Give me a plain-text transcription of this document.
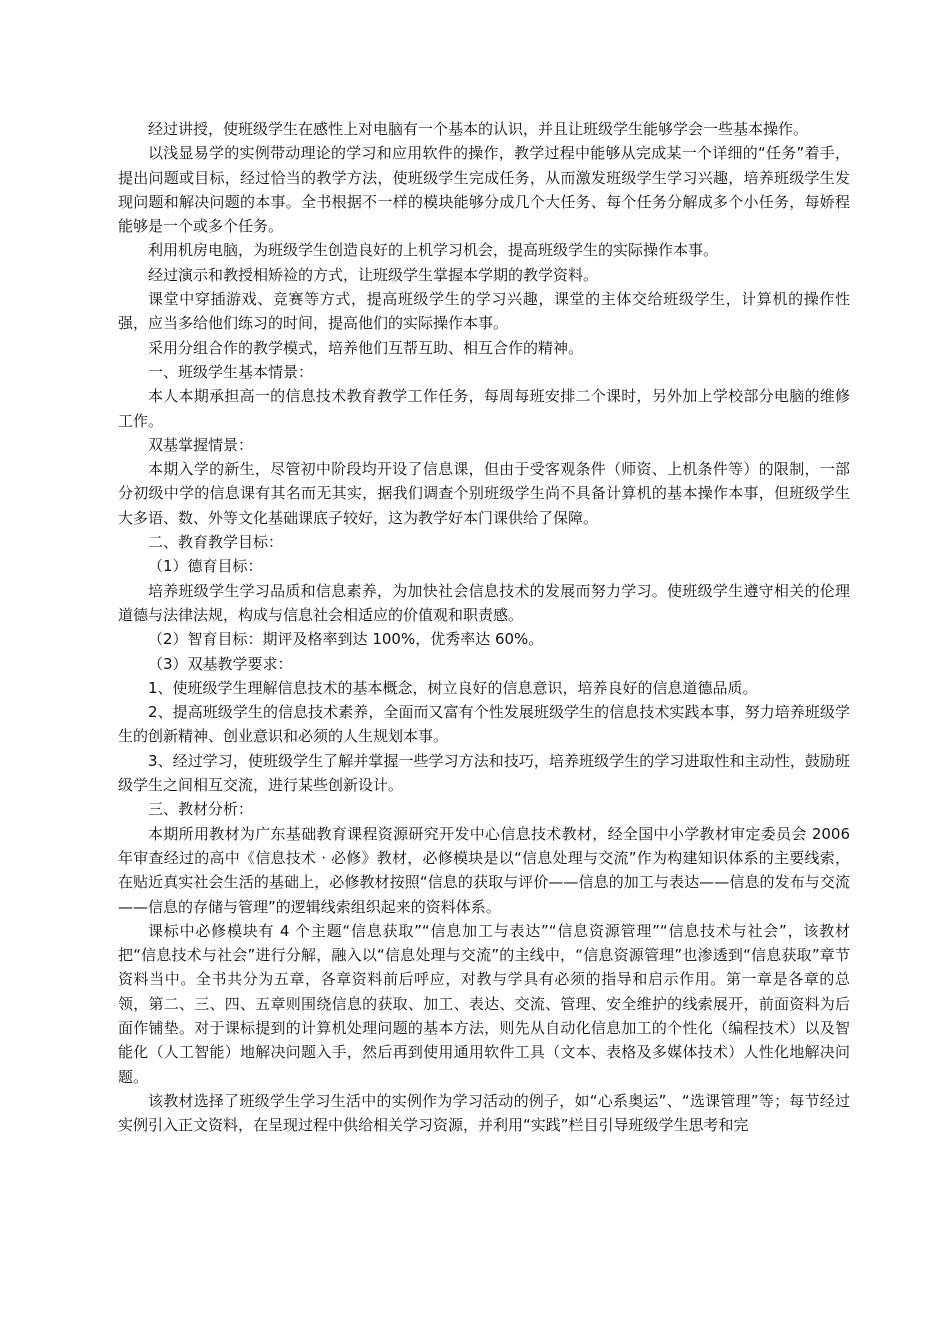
经过讲授，使班级学生在感性上对电脑有一个基本的认识，并且让班级学生能够学会一些基本操作。

以浅显易学的实例带动理论的学习和应用软件的操作，教学过程中能够从完成某一个详细的“任务”着手，提出问题或目标，经过恰当的教学方法，使班级学生完成任务，从而激发班级学生学习兴趣，培养班级学生发现问题和解决问题的本事。全书根据不一样的模块能够分成几个大任务、每个任务分解成多个小任务，每娇程能够是一个或多个任务。

利用机房电脑，为班级学生创造良好的上机学习机会，提高班级学生的实际操作本事。

经过演示和教授相矫裣的方式，让班级学生掌握本学期的教学资料。

课堂中穿插游戏、竞赛等方式，提高班级学生的学习兴趣，课堂的主体交给班级学生，计算机的操作性强，应当多给他们练习的时间，提高他们的实际操作本事。

采用分组合作的教学模式，培养他们互帮互助、相互合作的精神。

一、班级学生基本情景：

本人本期承担高一的信息技术教育教学工作任务，每周每班安排二个课时，另外加上学校部分电脑的维修工作。

双基掌握情景：

本期入学的新生，尽管初中阶段均开设了信息课，但由于受客观条件（师资、上机条件等）的限制，一部分初级中学的信息课有其名而无其实，据我们调查个别班级学生尚不具备计算机的基本操作本事，但班级学生大多语、数、外等文化基础课底子较好，这为教学好本门课供给了保障。

二、教育教学目标：

（1）德育目标：

培养班级学生学习品质和信息素养，为加快社会信息技术的发展而努力学习。使班级学生遵守相关的伦理道德与法律法规，构成与信息社会相适应的价值观和职责感。

（2）智育目标：期评及格率到达 100%，优秀率达 60%。

（3）双基教学要求：

1、使班级学生理解信息技术的基本概念，树立良好的信息意识，培养良好的信息道德品质。

2、提高班级学生的信息技术素养，全面而又富有个性发展班级学生的信息技术实践本事，努力培养班级学生的创新精神、创业意识和必须的人生规划本事。

3、经过学习，使班级学生了解并掌握一些学习方法和技巧，培养班级学生的学习进取性和主动性，鼓励班级学生之间相互交流，进行某些创新设计。

三、教材分析：

本期所用教材为广东基础教育课程资源研究开发中心信息技术教材，经全国中小学教材审定委员会 2006 年审查经过的高中《信息技术 · 必修》教材，必修模块是以“信息处理与交流”作为构建知识体系的主要线索，在贴近真实社会生活的基础上，必修教材按照“信息的获取与评价——信息的加工与表达——信息的发布与交流——信息的存储与管理”的逻辑线索组织起来的资料体系。

课标中必修模块有 4 个主题“信息获取”“信息加工与表达”“信息资源管理”“信息技术与社会”，该教材把“信息技术与社会”进行分解，融入以“信息处理与交流”的主线中，“信息资源管理”也渗透到“信息获取”章节资料当中。全书共分为五章，各章资料前后呼应，对教与学具有必须的指导和启示作用。第一章是各章的总领，第二、三、四、五章则围绕信息的获取、加工、表达、交流、管理、安全维护的线索展开，前面资料为后面作铺垫。对于课标提到的计算机处理问题的基本方法，则先从自动化信息加工的个性化（编程技术）以及智能化（人工智能）地解决问题入手，然后再到使用通用软件工具（文本、表格及多媒体技术）人性化地解决问题。

该教材选择了班级学生学习生活中的实例作为学习活动的例子，如“心系奥运”、“选课管理”等；每节经过实例引入正文资料，在呈现过程中供给相关学习资源，并利用“实践”栏目引导班级学生思考和完
